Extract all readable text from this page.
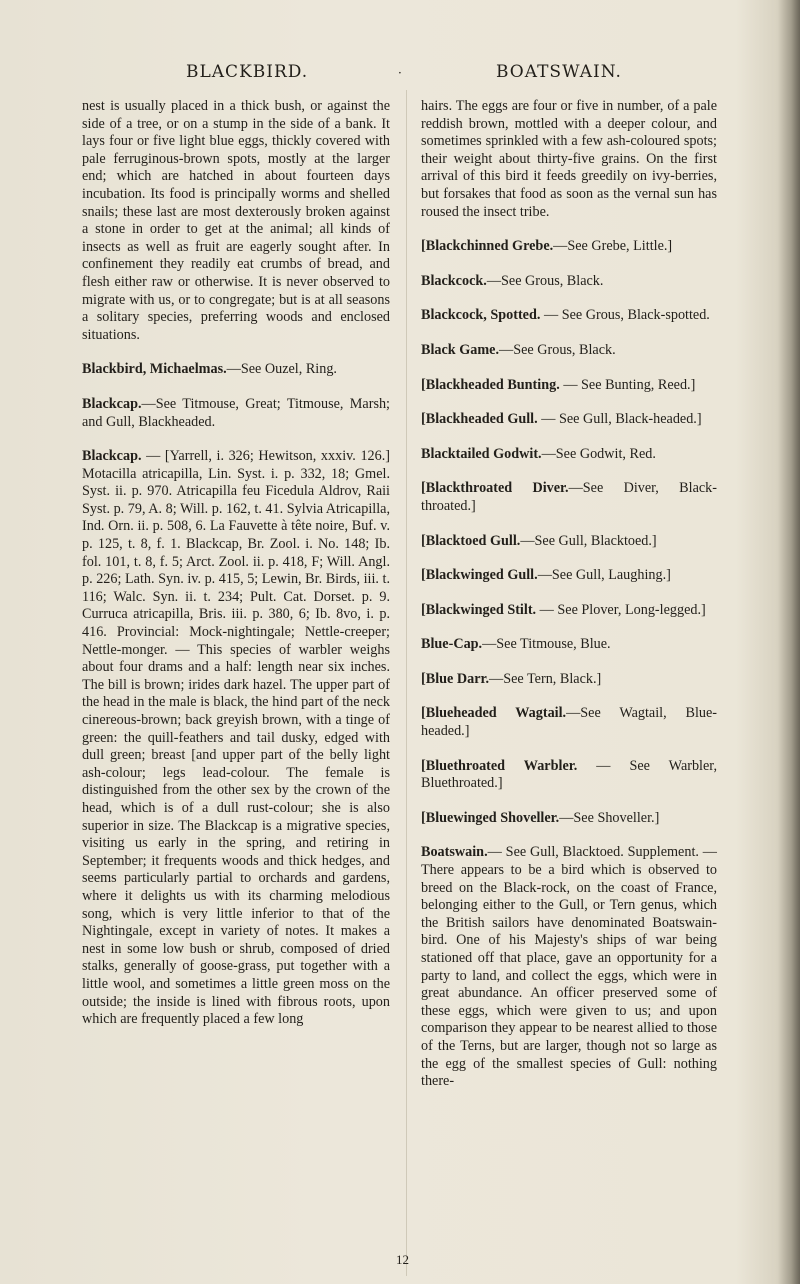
BLACKBIRD.	·	BOATSWAIN.

nest is usually placed in a thick bush, or against the side of a tree, or on a stump in the side of a bank. It lays four or five light blue eggs, thickly covered with pale ferruginous-brown spots, mostly at the larger end; which are hatched in about fourteen days incubation. Its food is principally worms and shelled snails; these last are most dexterously broken against a stone in order to get at the animal; all kinds of insects as well as fruit are eagerly sought after. In confinement they readily eat crumbs of bread, and flesh either raw or otherwise. It is never observed to migrate with us, or to congregate; but is at all seasons a solitary species, preferring woods and enclosed situations.

Blackbird, Michaelmas.—See Ouzel, Ring.

Blackcap.—See Titmouse, Great; Titmouse, Marsh; and Gull, Blackheaded.

Blackcap. — [Yarrell, i. 326; Hewitson, xxxiv. 126.] Motacilla atricapilla, Lin. Syst. i. p. 332, 18; Gmel. Syst. ii. p. 970. Atricapilla feu Ficedula Aldrov, Raii Syst. p. 79, A. 8; Will. p. 162, t. 41. Sylvia Atricapilla, Ind. Orn. ii. p. 508, 6. La Fauvette à tête noire, Buf. v. p. 125, t. 8, f. 1. Blackcap, Br. Zool. i. No. 148; Ib. fol. 101, t. 8, f. 5; Arct. Zool. ii. p. 418, F; Will. Angl. p. 226; Lath. Syn. iv. p. 415, 5; Lewin, Br. Birds, iii. t. 116; Walc. Syn. ii. t. 234; Pult. Cat. Dorset. p. 9. Curruca atricapilla, Bris. iii. p. 380, 6; Ib. 8vo, i. p. 416. Provincial: Mock-nightingale; Nettle-creeper; Nettle-monger. — This species of warbler weighs about four drams and a half: length near six inches. The bill is brown; irides dark hazel. The upper part of the head in the male is black, the hind part of the neck cinereous-brown; back greyish brown, with a tinge of green: the quill-feathers and tail dusky, edged with dull green; breast [and upper part of the belly light ash-colour; legs lead-colour. The female is distinguished from the other sex by the crown of the head, which is of a dull rust-colour; she is also superior in size. The Blackcap is a migrative species, visiting us early in the spring, and retiring in September; it frequents woods and thick hedges, and seems particularly partial to orchards and gardens, where it delights us with its charming melodious song, which is very little inferior to that of the Nightingale, except in variety of notes. It makes a nest in some low bush or shrub, composed of dried stalks, generally of goose-grass, put together with a little wool, and sometimes a little green moss on the outside; the inside is lined with fibrous roots, upon which are frequently placed a few long

hairs. The eggs are four or five in number, of a pale reddish brown, mottled with a deeper colour, and sometimes sprinkled with a few ash-coloured spots; their weight about thirty-five grains. On the first arrival of this bird it feeds greedily on ivy-berries, but forsakes that food as soon as the vernal sun has roused the insect tribe.

[Blackchinned Grebe.—See Grebe, Little.]

Blackcock.—See Grous, Black.

Blackcock, Spotted. — See Grous, Black-spotted.

Black Game.—See Grous, Black.

[Blackheaded Bunting. — See Bunting, Reed.]

[Blackheaded Gull. — See Gull, Black-headed.]

Blacktailed Godwit.—See Godwit, Red.

[Blackthroated Diver.—See Diver, Black-throated.]

[Blacktoed Gull.—See Gull, Blacktoed.]

[Blackwinged Gull.—See Gull, Laughing.]

[Blackwinged Stilt. — See Plover, Long-legged.]

Blue-Cap.—See Titmouse, Blue.

[Blue Darr.—See Tern, Black.]

[Blueheaded Wagtail.—See Wagtail, Blue-headed.]

[Bluethroated Warbler. — See Warbler, Bluethroated.]

[Bluewinged Shoveller.—See Shoveller.]

Boatswain.— See Gull, Blacktoed. Supplement. — There appears to be a bird which is observed to breed on the Black-rock, on the coast of France, belonging either to the Gull, or Tern genus, which the British sailors have denominated Boatswain-bird. One of his Majesty's ships of war being stationed off that place, gave an opportunity for a party to land, and collect the eggs, which were in great abundance. An officer preserved some of these eggs, which were given to us; and upon comparison they appear to be nearest allied to those of the Terns, but are larger, though not so large as the egg of the smallest species of Gull: nothing there-

12
